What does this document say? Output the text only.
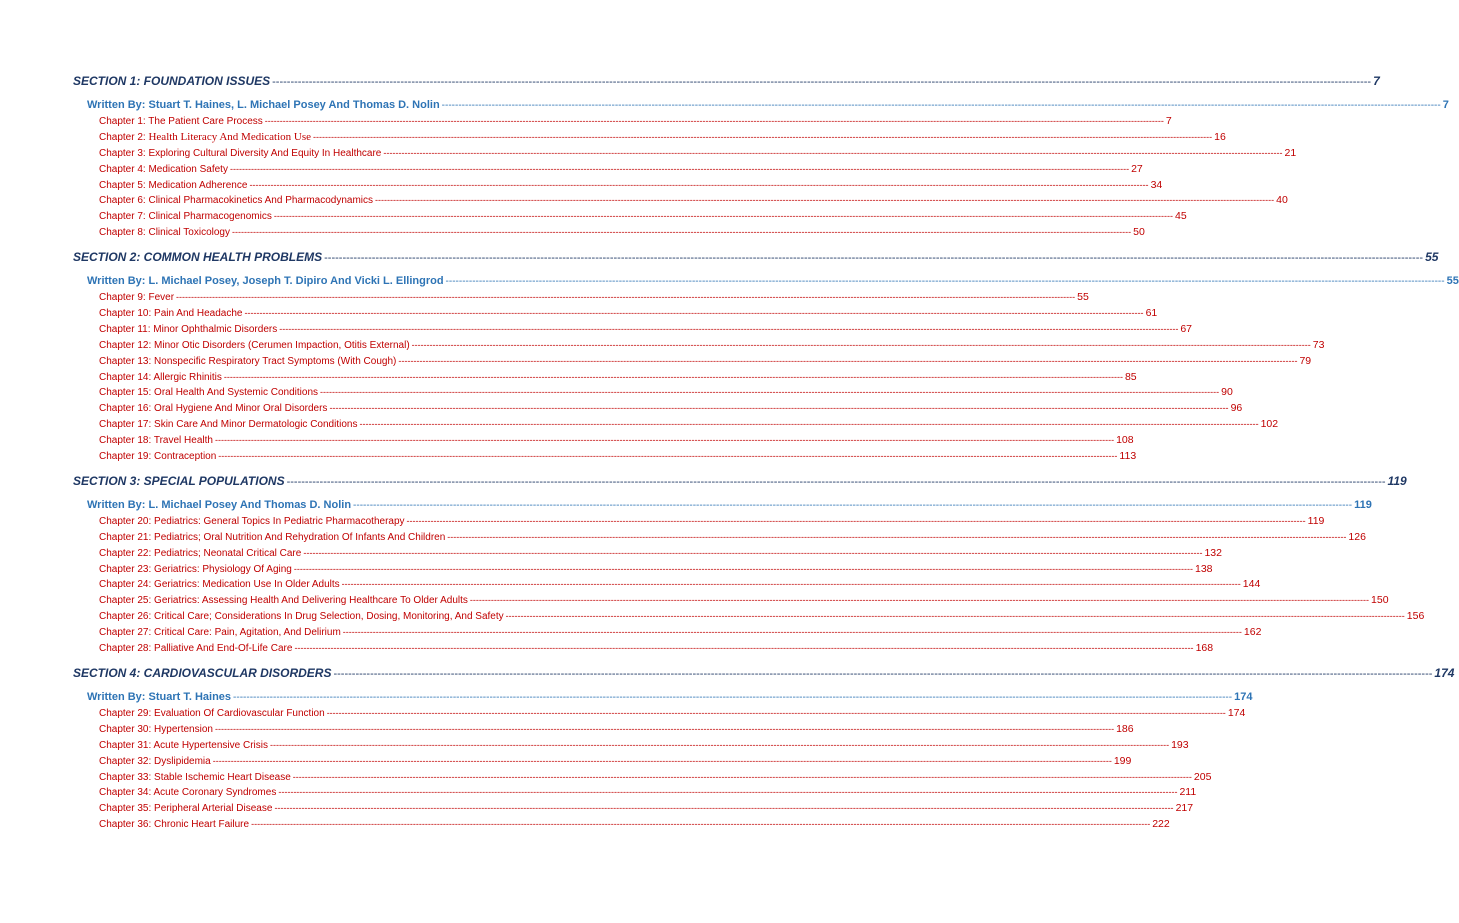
SECTION 1: FOUNDATION ISSUES ------------------------------------------------------------------------------------------------------------------------------------------------------------------------------------------------------------------------------------------------------------------------------------------------------------ 7
Written By: Stuart T. Haines, L. Michael Posey And Thomas D. Nolin ------------------------------------------------------------------------------------------------------------------------------------------------------------------------------------------------------------------------------------------------------------------------------------------------------------ 7
Chapter 1: The Patient Care Process ------------------------------------------------------------------------------------------------------------------------------------------------------------------------------------------------------------------------------------------------------------------------------------------------------------ 7
Chapter 2: Health Literacy And Medication Use ------------------------------------------------------------------------------------------------------------------------------------------------------------------------------------------------------------------------------------------------------------------------------------------------------------ 16
Chapter 3: Exploring Cultural Diversity And Equity In Healthcare ------------------------------------------------------------------------------------------------------------------------------------------------------------------------------------------------------------------------------------------------------------------------------------------------------------ 21
Chapter 4: Medication Safety ------------------------------------------------------------------------------------------------------------------------------------------------------------------------------------------------------------------------------------------------------------------------------------------------------------ 27
Chapter 5: Medication Adherence ------------------------------------------------------------------------------------------------------------------------------------------------------------------------------------------------------------------------------------------------------------------------------------------------------------ 34
Chapter 6: Clinical Pharmacokinetics And Pharmacodynamics ------------------------------------------------------------------------------------------------------------------------------------------------------------------------------------------------------------------------------------------------------------------------------------------------------------ 40
Chapter 7: Clinical Pharmacogenomics ------------------------------------------------------------------------------------------------------------------------------------------------------------------------------------------------------------------------------------------------------------------------------------------------------------ 45
Chapter 8: Clinical Toxicology ------------------------------------------------------------------------------------------------------------------------------------------------------------------------------------------------------------------------------------------------------------------------------------------------------------ 50
SECTION 2: COMMON HEALTH PROBLEMS ------------------------------------------------------------------------------------------------------------------------------------------------------------------------------------------------------------------------------------------------------------------------------------------------------------ 55
Written By: L. Michael Posey, Joseph T. Dipiro And Vicki L. Ellingrod ------------------------------------------------------------------------------------------------------------------------------------------------------------------------------------------------------------------------------------------------------------------------------------------------------------ 55
Chapter 9: Fever ------------------------------------------------------------------------------------------------------------------------------------------------------------------------------------------------------------------------------------------------------------------------------------------------------------ 55
Chapter 10: Pain And Headache ------------------------------------------------------------------------------------------------------------------------------------------------------------------------------------------------------------------------------------------------------------------------------------------------------------ 61
Chapter 11: Minor Ophthalmic Disorders ------------------------------------------------------------------------------------------------------------------------------------------------------------------------------------------------------------------------------------------------------------------------------------------------------------ 67
Chapter 12: Minor Otic Disorders (Cerumen Impaction, Otitis External) ------------------------------------------------------------------------------------------------------------------------------------------------------------------------------------------------------------------------------------------------------------------------------------------------------------ 73
Chapter 13: Nonspecific Respiratory Tract Symptoms (With Cough) ------------------------------------------------------------------------------------------------------------------------------------------------------------------------------------------------------------------------------------------------------------------------------------------------------------ 79
Chapter 14: Allergic Rhinitis ------------------------------------------------------------------------------------------------------------------------------------------------------------------------------------------------------------------------------------------------------------------------------------------------------------ 85
Chapter 15: Oral Health And Systemic Conditions ------------------------------------------------------------------------------------------------------------------------------------------------------------------------------------------------------------------------------------------------------------------------------------------------------------ 90
Chapter 16: Oral Hygiene And Minor Oral Disorders ------------------------------------------------------------------------------------------------------------------------------------------------------------------------------------------------------------------------------------------------------------------------------------------------------------ 96
Chapter 17: Skin Care And Minor Dermatologic Conditions ------------------------------------------------------------------------------------------------------------------------------------------------------------------------------------------------------------------------------------------------------------------------------------------------------------ 102
Chapter 18: Travel Health ------------------------------------------------------------------------------------------------------------------------------------------------------------------------------------------------------------------------------------------------------------------------------------------------------------ 108
Chapter 19: Contraception ------------------------------------------------------------------------------------------------------------------------------------------------------------------------------------------------------------------------------------------------------------------------------------------------------------ 113
SECTION 3: SPECIAL POPULATIONS ------------------------------------------------------------------------------------------------------------------------------------------------------------------------------------------------------------------------------------------------------------------------------------------------------------ 119
Written By: L. Michael Posey And Thomas D. Nolin ------------------------------------------------------------------------------------------------------------------------------------------------------------------------------------------------------------------------------------------------------------------------------------------------------------ 119
Chapter 20: Pediatrics: General Topics In Pediatric Pharmacotherapy ------------------------------------------------------------------------------------------------------------------------------------------------------------------------------------------------------------------------------------------------------------------------------------------------------------ 119
Chapter 21: Pediatrics; Oral Nutrition And Rehydration Of Infants And Children ------------------------------------------------------------------------------------------------------------------------------------------------------------------------------------------------------------------------------------------------------------------------------------------------------------ 126
Chapter 22: Pediatrics; Neonatal Critical Care ------------------------------------------------------------------------------------------------------------------------------------------------------------------------------------------------------------------------------------------------------------------------------------------------------------ 132
Chapter 23: Geriatrics: Physiology Of Aging ------------------------------------------------------------------------------------------------------------------------------------------------------------------------------------------------------------------------------------------------------------------------------------------------------------ 138
Chapter 24: Geriatrics: Medication Use In Older Adults ------------------------------------------------------------------------------------------------------------------------------------------------------------------------------------------------------------------------------------------------------------------------------------------------------------ 144
Chapter 25: Geriatrics: Assessing Health And Delivering Healthcare To Older Adults ------------------------------------------------------------------------------------------------------------------------------------------------------------------------------------------------------------------------------------------------------------------------------------------------------------ 150
Chapter 26: Critical Care; Considerations In Drug Selection, Dosing, Monitoring, And Safety ------------------------------------------------------------------------------------------------------------------------------------------------------------------------------------------------------------------------------------------------------------------------------------------------------------ 156
Chapter 27: Critical Care: Pain, Agitation, And Delirium ------------------------------------------------------------------------------------------------------------------------------------------------------------------------------------------------------------------------------------------------------------------------------------------------------------ 162
Chapter 28: Palliative And End-Of-Life Care ------------------------------------------------------------------------------------------------------------------------------------------------------------------------------------------------------------------------------------------------------------------------------------------------------------ 168
SECTION 4: CARDIOVASCULAR DISORDERS ------------------------------------------------------------------------------------------------------------------------------------------------------------------------------------------------------------------------------------------------------------------------------------------------------------ 174
Written By: Stuart T. Haines ------------------------------------------------------------------------------------------------------------------------------------------------------------------------------------------------------------------------------------------------------------------------------------------------------------ 174
Chapter 29: Evaluation Of Cardiovascular Function ------------------------------------------------------------------------------------------------------------------------------------------------------------------------------------------------------------------------------------------------------------------------------------------------------------ 174
Chapter 30: Hypertension ------------------------------------------------------------------------------------------------------------------------------------------------------------------------------------------------------------------------------------------------------------------------------------------------------------ 186
Chapter 31: Acute Hypertensive Crisis ------------------------------------------------------------------------------------------------------------------------------------------------------------------------------------------------------------------------------------------------------------------------------------------------------------ 193
Chapter 32: Dyslipidemia ------------------------------------------------------------------------------------------------------------------------------------------------------------------------------------------------------------------------------------------------------------------------------------------------------------ 199
Chapter 33: Stable Ischemic Heart Disease ------------------------------------------------------------------------------------------------------------------------------------------------------------------------------------------------------------------------------------------------------------------------------------------------------------ 205
Chapter 34: Acute Coronary Syndromes ------------------------------------------------------------------------------------------------------------------------------------------------------------------------------------------------------------------------------------------------------------------------------------------------------------ 211
Chapter 35: Peripheral Arterial Disease ------------------------------------------------------------------------------------------------------------------------------------------------------------------------------------------------------------------------------------------------------------------------------------------------------------ 217
Chapter 36: Chronic Heart Failure ------------------------------------------------------------------------------------------------------------------------------------------------------------------------------------------------------------------------------------------------------------------------------------------------------------ 222
